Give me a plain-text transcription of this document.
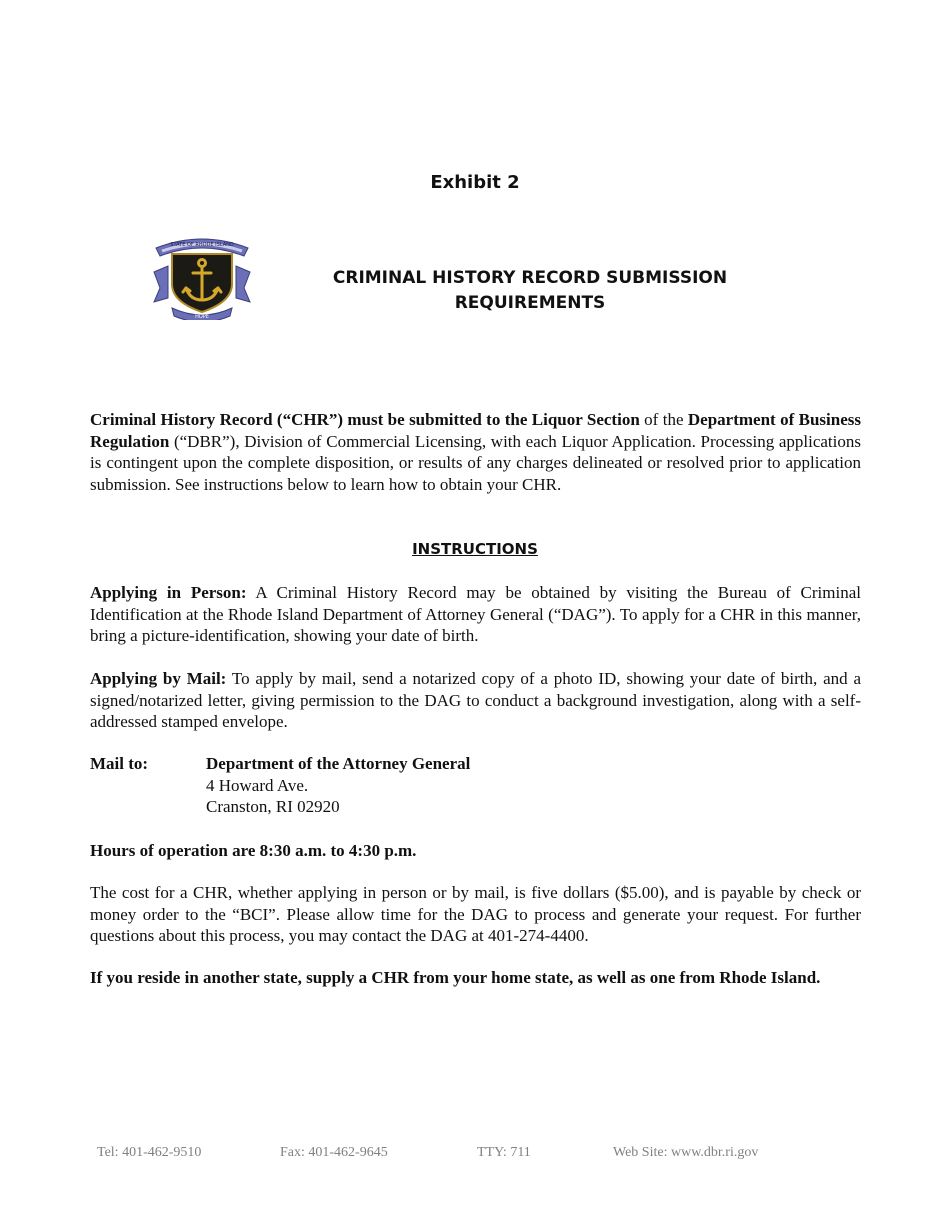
Exhibit 2
STATE OF RHODE ISLAND
HOPE
CRIMINAL HISTORY RECORD SUBMISSION
REQUIREMENTS
Criminal History Record (“CHR”) must be submitted to the Liquor Section of the Department of Business Regulation (“DBR”), Division of Commercial Licensing, with each Liquor Application. Processing applications is contingent upon the complete disposition, or results of any charges delineated or resolved prior to application submission. See instructions below to learn how to obtain your CHR.
INSTRUCTIONS
Applying in Person: A Criminal History Record may be obtained by visiting the Bureau of Criminal Identification at the Rhode Island Department of Attorney General (“DAG”). To apply for a CHR in this manner, bring a picture-identification, showing your date of birth.
Applying by Mail: To apply by mail, send a notarized copy of a photo ID, showing your date of birth, and a signed/notarized letter, giving permission to the DAG to conduct a background investigation, along with a self-addressed stamped envelope.
Mail to:	Department of the Attorney General
4 Howard Ave.
Cranston, RI 02920
Hours of operation are 8:30 a.m. to 4:30 p.m.
The cost for a CHR, whether applying in person or by mail, is five dollars ($5.00), and is payable by check or money order to the “BCI”. Please allow time for the DAG to process and generate your request. For further questions about this process, you may contact the DAG at 401-274-4400.
If you reside in another state, supply a CHR from your home state, as well as one from Rhode Island.
Tel: 401-462-9510	Fax: 401-462-9645	TTY: 711	Web Site: www.dbr.ri.gov
